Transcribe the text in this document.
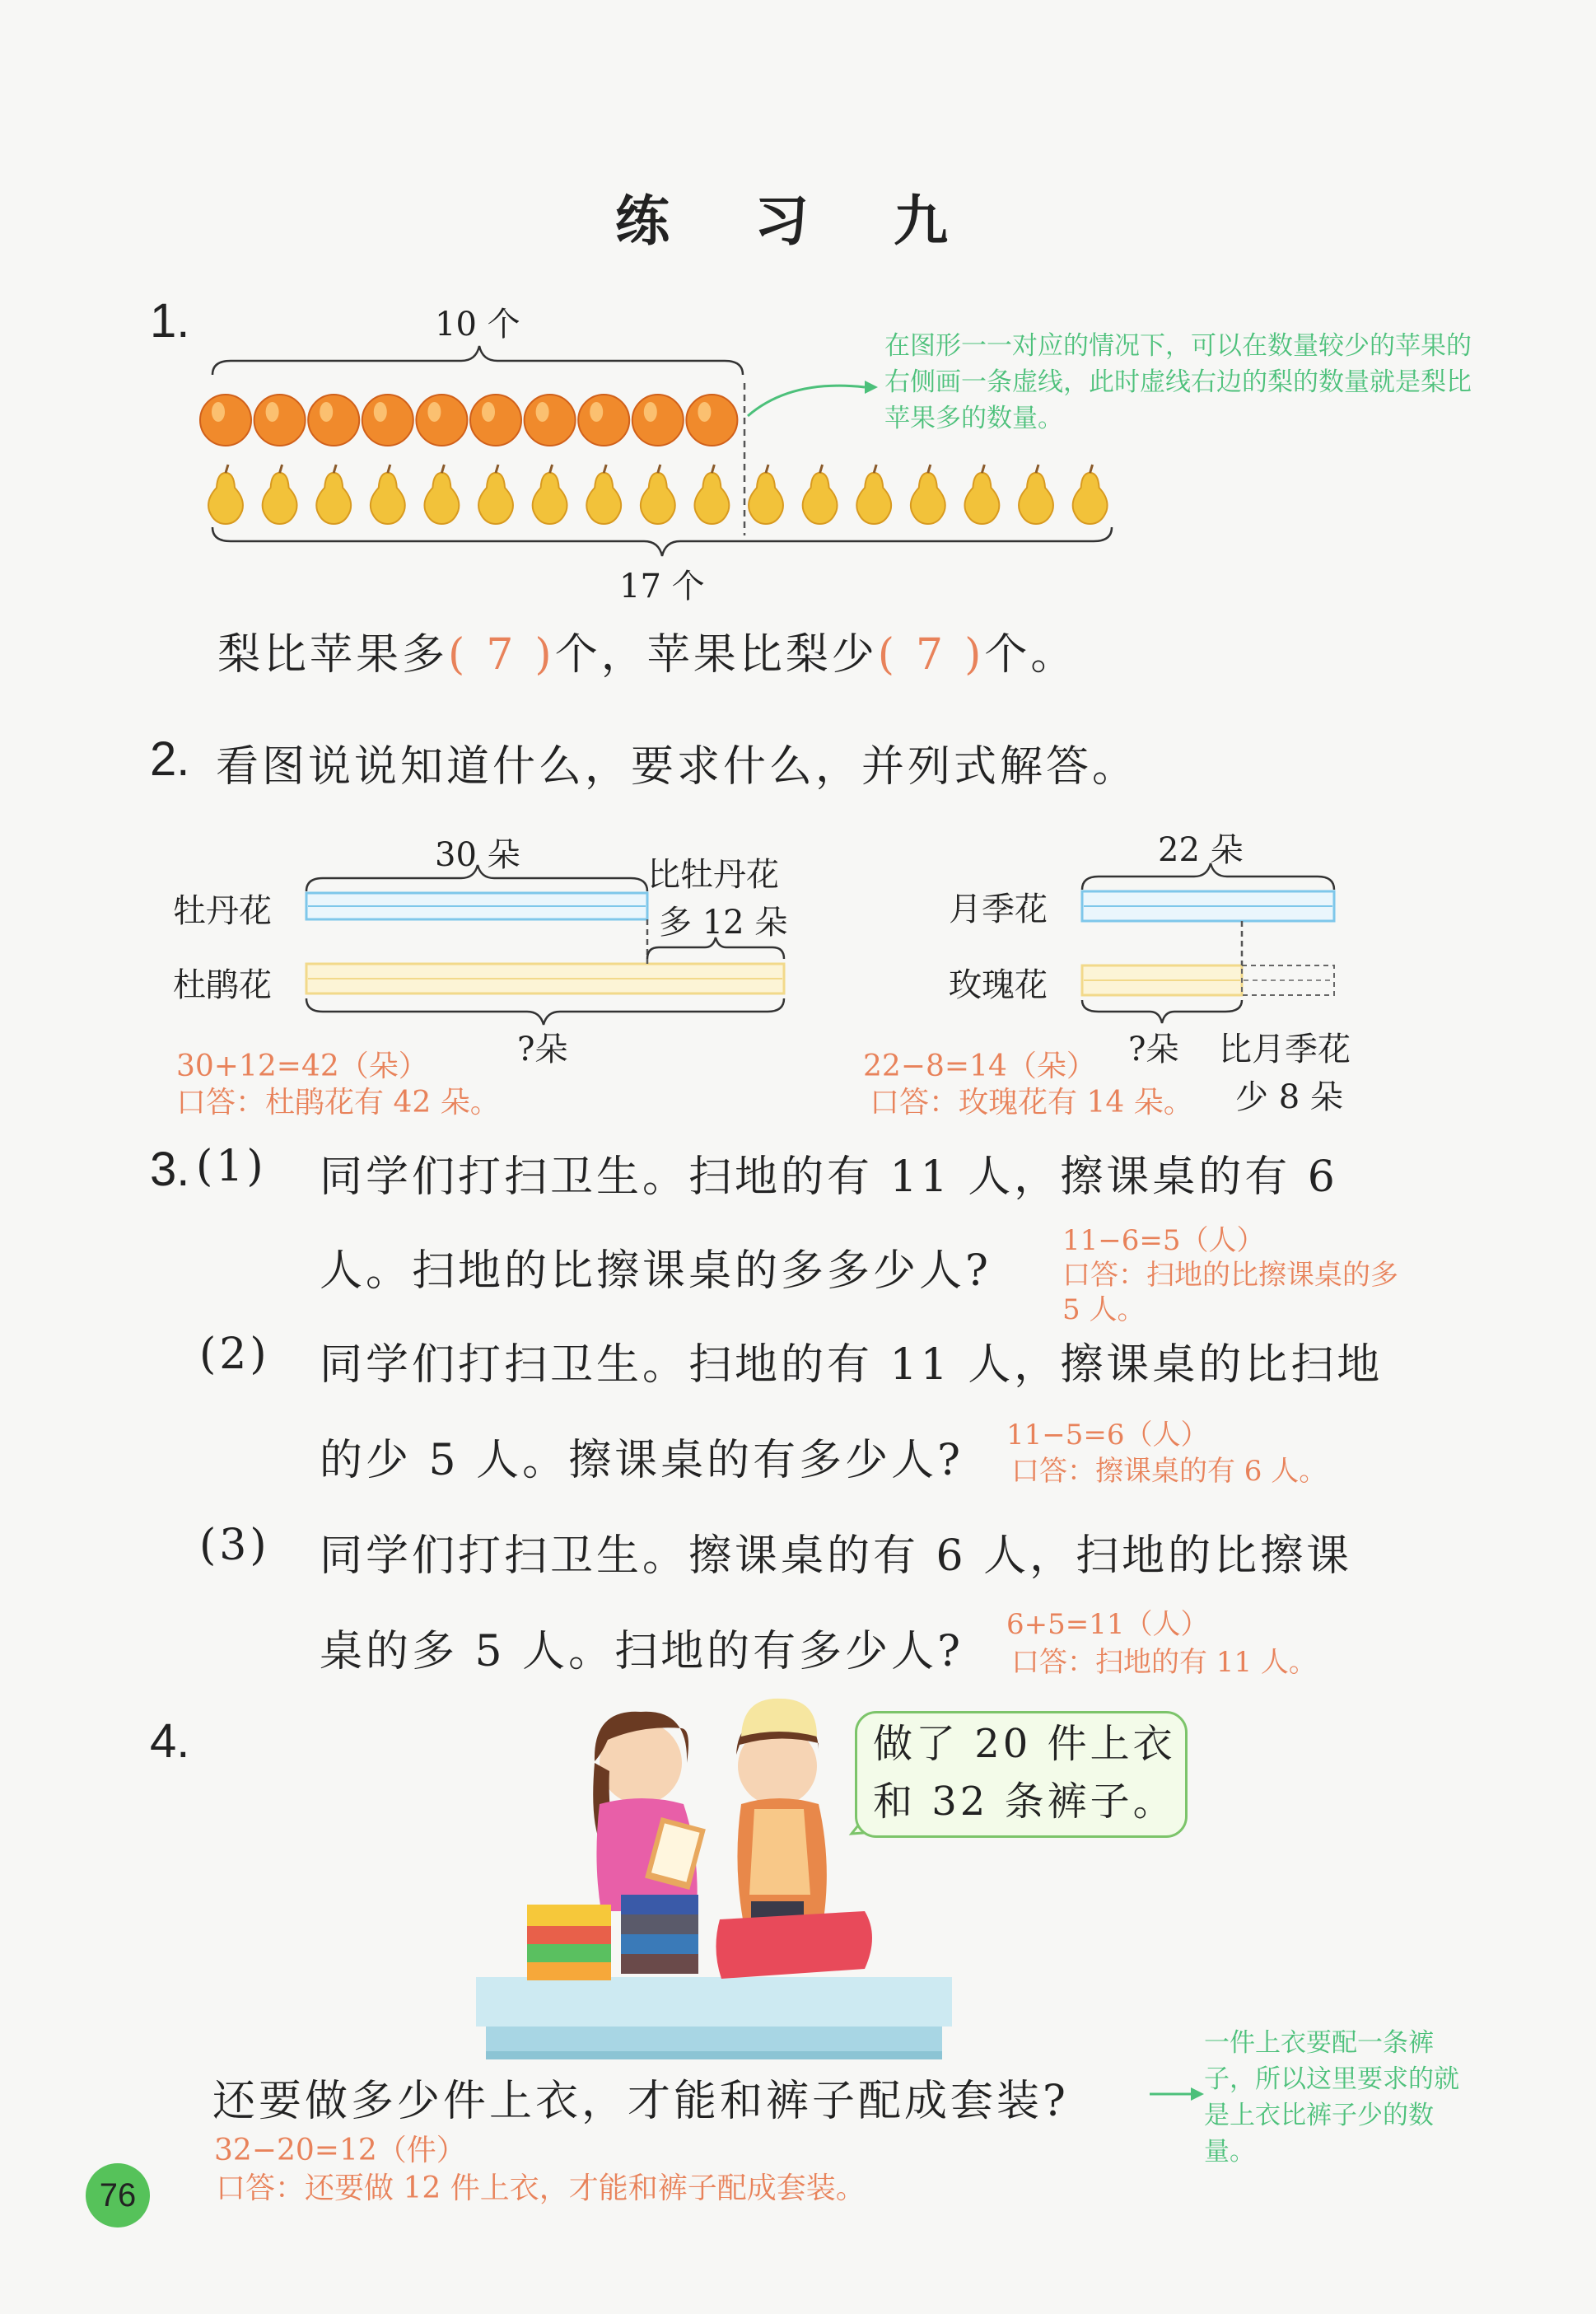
练 习 九
1.	10 个
在图形一一对应的情况下，可以在数量较少的苹果的右侧画一条虚线，此时虚线右边的梨的数量就是梨比苹果多的数量。
17 个
梨比苹果多( 7 )个，苹果比梨少( 7 )个。
2. 看图说说知道什么，要求什么，并列式解答。
30 朵
牡丹花
杜鹃花
比牡丹花
多 12 朵
?朵
30+12=42（朵）
口答：杜鹃花有 42 朵。
22 朵
月季花
玫瑰花
?朵 比月季花
少 8 朵
22−8=14（朵）
口答：玫瑰花有 14 朵。
3. (1) 同学们打扫卫生。扫地的有 11 人，擦课桌的有 6
人。扫地的比擦课桌的多多少人?
11−6=5（人）
口答：扫地的比擦课桌的多
5 人。
(2) 同学们打扫卫生。扫地的有 11 人，擦课桌的比扫地
的少 5 人。擦课桌的有多少人?
11−5=6（人）
口答：擦课桌的有 6 人。
(3) 同学们打扫卫生。擦课桌的有 6 人，扫地的比擦课
桌的多 5 人。扫地的有多少人?
6+5=11（人）
口答：扫地的有 11 人。
4.	做了 20 件上衣
和 32 条裤子。
还要做多少件上衣，才能和裤子配成套装?
一件上衣要配一条裤子，所以这里要求的就是上衣比裤子少的数量。
32−20=12（件）
口答：还要做 12 件上衣，才能和裤子配成套装。
76
